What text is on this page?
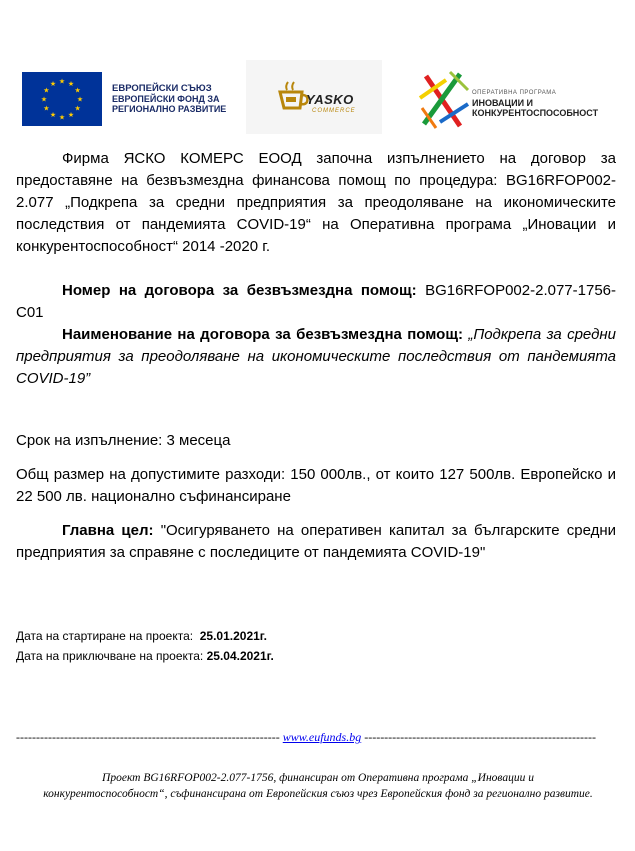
★ ★
★
★
★
★
★
★
★
★
★
★	ЕВРОПЕЙСКИ СЪЮЗ
ЕВРОПЕЙСКИ ФОНД ЗА
РЕГИОНАЛНО РАЗВИТИЕ
YASKO
COMMERCE
ОПЕРАТИВНА ПРОГРАМА
ИНОВАЦИИ И
КОНКУРЕНТОСПОСОБНОСТ

Фирма ЯСКО КОМЕРС ЕООД започна изпълнението на договор за предоставяне на безвъзмездна финансова помощ по процедура: BG16RFOP002-2.077 „Подкрепа за средни предприятия за преодоляване на икономическите последствия от пандемията COVID-19“ на Оперативна програма „Иновации и конкурентоспособност“ 2014 -2020 г.

Номер на договора за безвъзмездна помощ: BG16RFOP002-2.077-1756-C01

Наименование на договора за безвъзмездна помощ: „Подкрепа за средни предприятия за преодоляване на икономическите последствия от пандемията COVID-19”

Срок на изпълнение: 3 месеца

Общ размер на допустимите разходи: 150 000лв., от които 127 500лв. Европейско и 22 500 лв. национално съфинансиране

Главна цел: "Осигуряването на оперативен капитал за българските средни предприятия за справяне с последиците от пандемията COVID-19"

Дата на стартиране на проекта: 25.01.2021г.
Дата на приключване на проекта: 25.04.2021г.
------------------------------------------------------------------ www.eufunds.bg ----------------------------------------------------------
Проект BG16RFOP002-2.077-1756, финансиран от Оперативна програма „Иновации и конкурентоспособност“, съфинансирана от Европейския съюз чрез Европейския фонд за регионално развитие.
